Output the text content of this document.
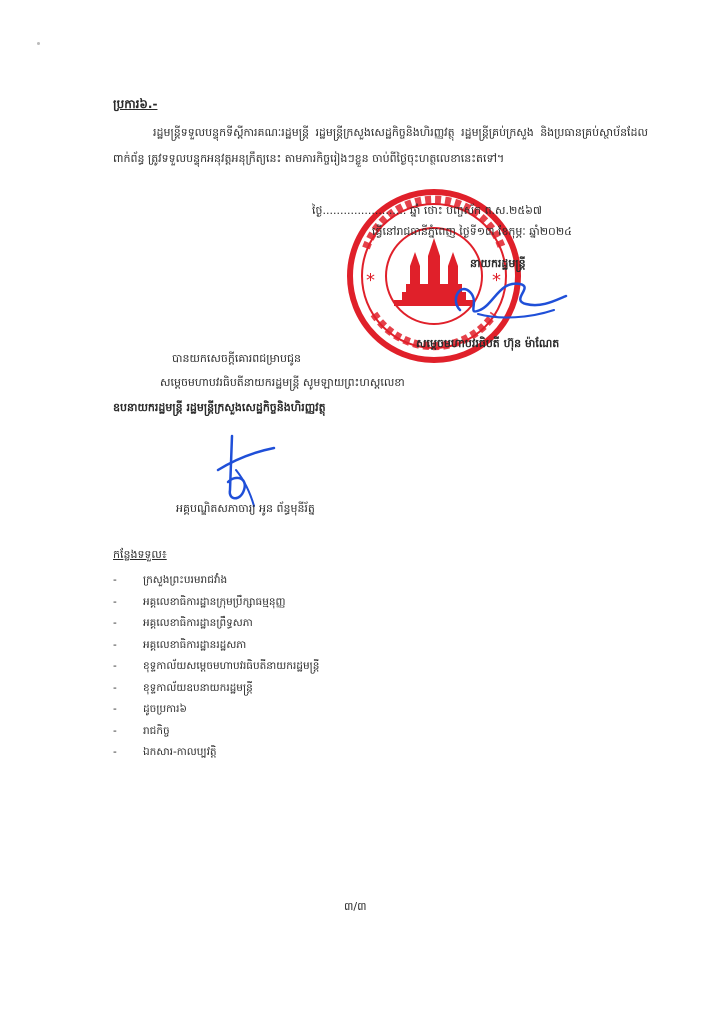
ប្រការ៦.-
រដ្ឋមន្ត្រីទទួលបន្ទុកទីស្តីការគណៈរដ្ឋមន្ត្រី រដ្ឋមន្ត្រីក្រសួងសេដ្ឋកិច្ចនិងហិរញ្ញវត្ថុ រដ្ឋមន្ត្រីគ្រប់ក្រសួង និងប្រធានគ្រប់ស្ថាប័នដែលពាក់ព័ន្ធ ត្រូវទទួលបន្ទុកអនុវត្តអនុក្រឹត្យនេះ តាមភារកិច្ចរៀងៗខ្លួន ចាប់ពីថ្ងៃចុះហត្ថលេខានេះតទៅ។
*	*
ថ្ងៃ........................ ឆ្នាំ ថោះ បញ្ចស័ក ព.ស.២៥៦៧
ធ្វើនៅរាជធានីភ្នំពេញ ថ្ងៃទី១៣ ខែកុម្ភៈ ឆ្នាំ២០២៤
នាយករដ្ឋមន្ត្រី
សម្តេចមហាបវរធិបតី ហ៊ុន ម៉ាណែត
បានយកសេចក្តីគោរពជម្រាបជូន
សម្តេចមហាបវរធិបតីនាយករដ្ឋមន្ត្រី សូមឡាយព្រះហស្តលេខា
ឧបនាយករដ្ឋមន្ត្រី រដ្ឋមន្ត្រីក្រសួងសេដ្ឋកិច្ចនិងហិរញ្ញវត្ថុ
អគ្គបណ្ឌិតសភាចារ្យ អូន ព័ន្ធមុនីរ័ត្ន
កន្លែងទទួល៖
- ក្រសួងព្រះបរមរាជវាំង
- អគ្គលេខាធិការដ្ឋានក្រុមប្រឹក្សាធម្មនុញ្ញ
- អគ្គលេខាធិការដ្ឋានព្រឹទ្ធសភា
- អគ្គលេខាធិការដ្ឋានរដ្ឋសភា
- ខុទ្ទកាល័យសម្តេចមហាបវរធិបតីនាយករដ្ឋមន្ត្រី
- ខុទ្ទកាល័យឧបនាយករដ្ឋមន្ត្រី
- ដូចប្រការ៦
- រាជកិច្ច
- ឯកសារ-កាលប្បវត្តិ
៣/៣
